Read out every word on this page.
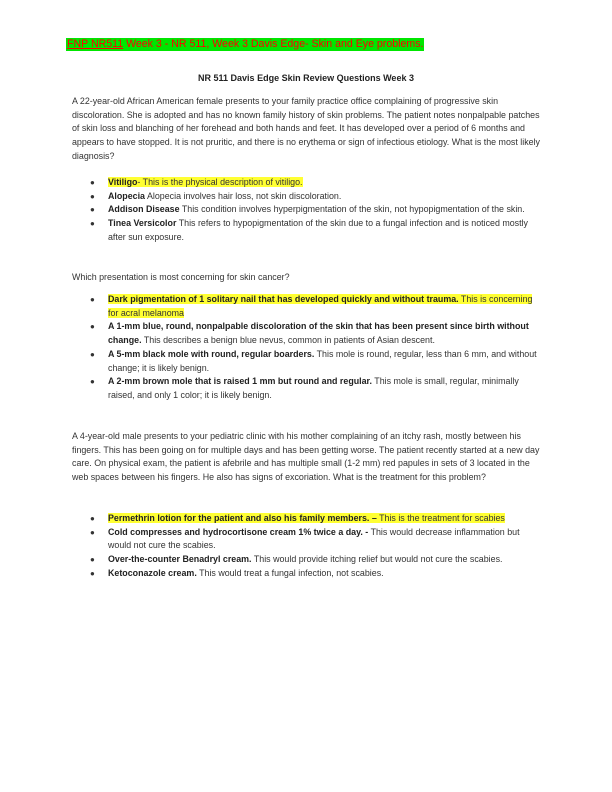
FNP NR511 Week 3 - NR 511, Week 3 Davis Edge- Skin and Eye problems.
NR 511 Davis Edge Skin Review Questions Week 3

A 22-year-old African American female presents to your family practice office complaining of progressive skin discoloration. She is adopted and has no known family history of skin problems. The patient notes nonpalpable patches of skin loss and blanching of her forehead and both hands and feet. It has developed over a period of 6 months and appears to have stopped. It is not pruritic, and there is no erythema or sign of infectious etiology. What is the most likely diagnosis?

● Vitiligo- This is the physical description of vitiligo.
● Alopecia Alopecia involves hair loss, not skin discoloration.
● Addison Disease This condition involves hyperpigmentation of the skin, not hypopigmentation of the skin.
● Tinea Versicolor This refers to hypopigmentation of the skin due to a fungal infection and is noticed mostly after sun exposure.

Which presentation is most concerning for skin cancer?

● Dark pigmentation of 1 solitary nail that has developed quickly and without trauma. This is concerning for acral melanoma
● A 1-mm blue, round, nonpalpable discoloration of the skin that has been present since birth without change. This describes a benign blue nevus, common in patients of Asian descent.
● A 5-mm black mole with round, regular boarders. This mole is round, regular, less than 6 mm, and without change; it is likely benign.
● A 2-mm brown mole that is raised 1 mm but round and regular. This mole is small, regular, minimally raised, and only 1 color; it is likely benign.

A 4-year-old male presents to your pediatric clinic with his mother complaining of an itchy rash, mostly between his fingers. This has been going on for multiple days and has been getting worse. The patient recently started at a new day care. On physical exam, the patient is afebrile and has multiple small (1-2 mm) red papules in sets of 3 located in the web spaces between his fingers. He also has signs of excoriation. What is the treatment for this problem?

● Permethrin lotion for the patient and also his family members. – This is the treatment for scabies
● Cold compresses and hydrocortisone cream 1% twice a day. - This would decrease inflammation but would not cure the scabies.
● Over-the-counter Benadryl cream. This would provide itching relief but would not cure the scabies.
● Ketoconazole cream. This would treat a fungal infection, not scabies.
